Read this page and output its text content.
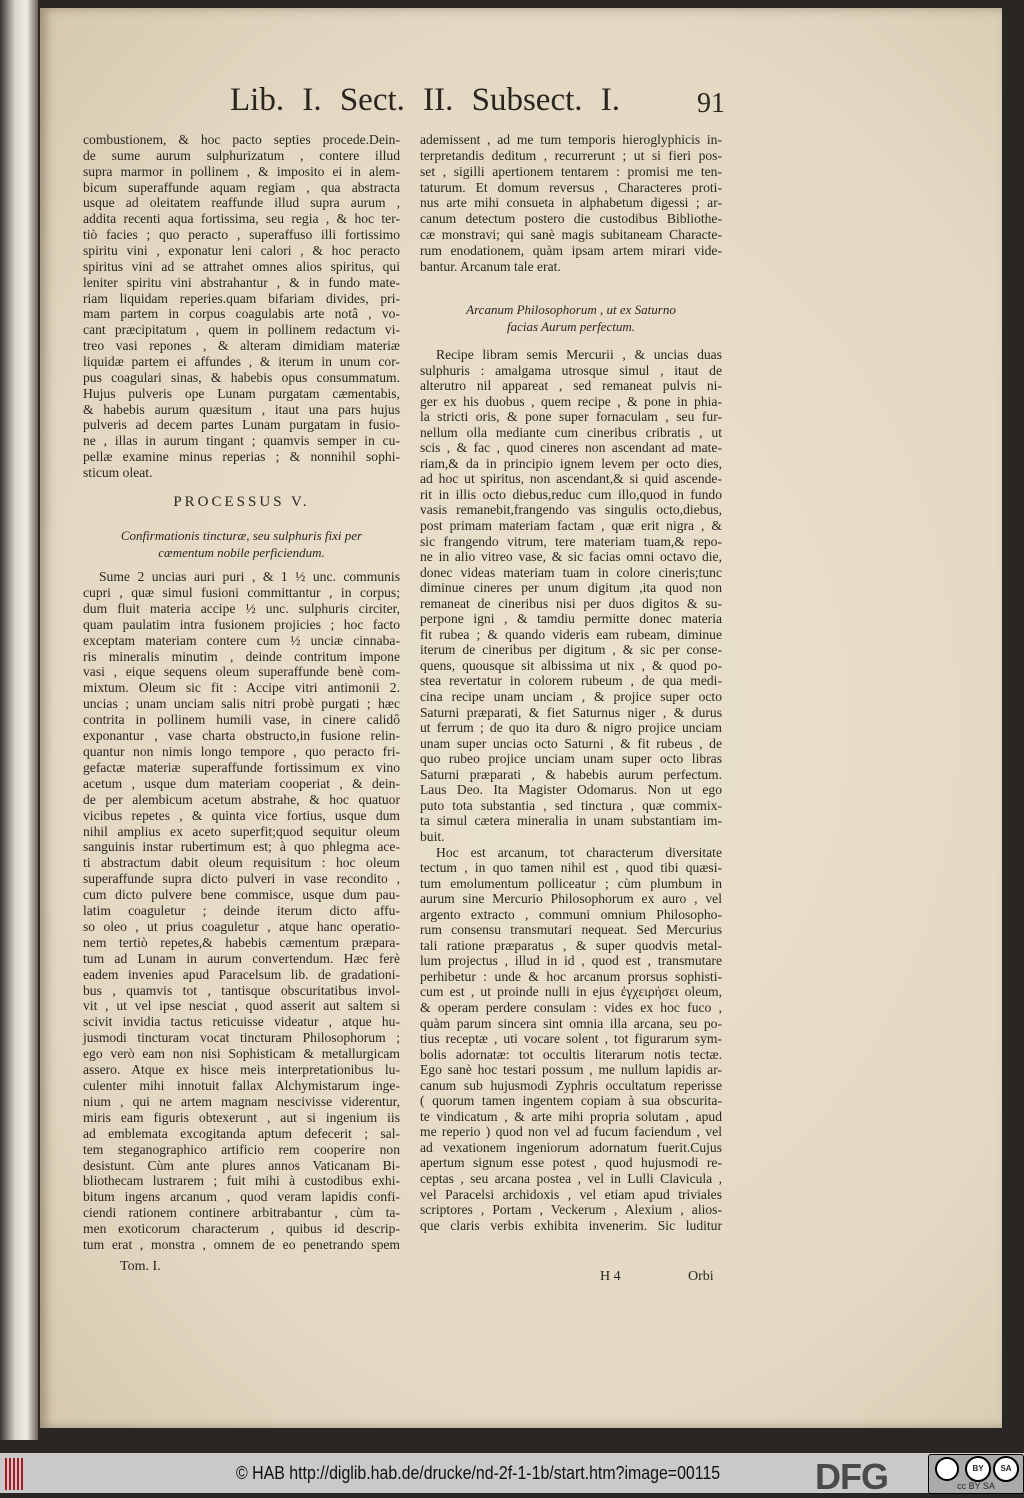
Lib. I. Sect. II. Subsect. I.	91
combustionem, & hoc pacto septies procede.Dein-
de sume aurum sulphurizatum , contere illud
supra marmor in pollinem , & imposito ei in alem-
bicum superaffunde aquam regiam , qua abstracta
usque ad oleitatem reaffunde illud supra aurum ,
addita recenti aqua fortissima, seu regia , & hoc ter-
tiò facies ; quo peracto , superaffuso illi fortissimo
spiritu vini , exponatur leni calori , & hoc peracto
spiritus vini ad se attrahet omnes alios spiritus, qui
leniter spiritu vini abstrahantur , & in fundo mate-
riam liquidam reperies.quam bifariam divides, pri-
mam partem in corpus coagulabis arte notâ , vo-
cant præcipitatum , quem in pollinem redactum vi-
treo vasi repones , & alteram dimidiam materiæ
liquidæ partem ei affundes , & iterum in unum cor-
pus coagulari sinas, & habebis opus consummatum.
Hujus pulveris ope Lunam purgatam cæmentabis,
& habebis aurum quæsitum , itaut una pars hujus
pulveris ad decem partes Lunam purgatam in fusio-
ne , illas in aurum tingant ; quamvis semper in cu-
pellæ examine minus reperias ; & nonnihil sophi-
sticum oleat.
PROCESSUS V.
Confirmationis tincturæ, seu sulphuris fixi per
cæmentum nobile perficiendum.
Sume 2 uncias auri puri , & 1 ½ unc. communis
cupri , quæ simul fusioni committantur , in corpus;
dum fluit materia accipe ½ unc. sulphuris circiter,
quam paulatim intra fusionem projicies ; hoc facto
exceptam materiam contere cum ½ unciæ cinnaba-
ris mineralis minutim , deinde contritum impone
vasi , eique sequens oleum superaffunde benè com-
mixtum. Oleum sic fit : Accipe vitri antimonii 2.
uncias ; unam unciam salis nitri probè purgati ; hæc
contrita in pollinem humili vase, in cinere calidô
exponantur , vase charta obstructo,in fusione relin-
quantur non nimis longo tempore , quo peracto fri-
gefactæ materiæ superaffunde fortissimum ex vino
acetum , usque dum materiam cooperiat , & dein-
de per alembicum acetum abstrahe, & hoc quatuor
vicibus repetes , & quinta vice fortius, usque dum
nihil amplius ex aceto superfit;quod sequitur oleum
sanguinis instar rubertimum est; à quo phlegma ace-
ti abstractum dabit oleum requisitum : hoc oleum
superaffunde supra dicto pulveri in vase recondito ,
cum dicto pulvere bene commisce, usque dum pau-
latim coaguletur ; deinde iterum dicto affu-
so oleo , ut prius coaguletur , atque hanc operatio-
nem tertiò repetes,& habebis cæmentum præpara-
tum ad Lunam in aurum convertendum. Hæc ferè
eadem invenies apud Paracelsum lib. de gradationi-
bus , quamvis tot , tantisque obscuritatibus invol-
vit , ut vel ipse nesciat , quod asserit aut saltem si
scivit invidia tactus reticuisse videatur , atque hu-
jusmodi tincturam vocat tincturam Philosophorum ;
ego verò eam non nisi Sophisticam & metallurgicam
assero. Atque ex hisce meis interpretationibus lu-
culenter mihi innotuit fallax Alchymistarum inge-
nium , qui ne artem magnam nescivisse viderentur,
miris eam figuris obtexerunt , aut si ingenium iis
ad emblemata excogitanda aptum defecerit ; sal-
tem steganographico artificio rem cooperire non
desistunt. Cùm ante plures annos Vaticanam Bi-
bliothecam lustrarem ; fuit mihi à custodibus exhi-
bitum ingens arcanum , quod veram lapidis confi-
ciendi rationem continere arbitrabantur , cùm ta-
men exoticorum characterum , quibus id descrip-
tum erat , monstra , omnem de eo penetrando spem
Tom. I.
ademissent , ad me tum temporis hieroglyphicis in-
terpretandis deditum , recurrerunt ; ut si fieri pos-
set , sigilli apertionem tentarem : promisi me ten-
taturum. Et domum reversus , Characteres proti-
nus arte mihi consueta in alphabetum digessi ; ar-
canum detectum postero die custodibus Bibliothe-
cæ monstravi; qui sanè magis subitaneam Characte-
rum enodationem, quàm ipsam artem mirari vide-
bantur. Arcanum tale erat.
Arcanum Philosophorum , ut ex Saturno
facias Aurum perfectum.
Recipe libram semis Mercurii , & uncias duas
sulphuris : amalgama utrosque simul , itaut de
alterutro nil appareat , sed remaneat pulvis ni-
ger ex his duobus , quem recipe , & pone in phia-
la stricti oris, & pone super fornaculam , seu fur-
nellum olla mediante cum cineribus cribratis , ut
scis , & fac , quod cineres non ascendant ad mate-
riam,& da in principio ignem levem per octo dies,
ad hoc ut spiritus, non ascendant,& si quid ascende-
rit in illis octo diebus,reduc cum illo,quod in fundo
vasis remanebit,frangendo vas singulis octo,diebus,
post primam materiam factam , quæ erit nigra , &
sic frangendo vitrum, tere materiam tuam,& repo-
ne in alio vitreo vase, & sic facias omni octavo die,
donec videas materiam tuam in colore cineris;tunc
diminue cineres per unum digitum ,ita quod non
remaneat de cineribus nisi per duos digitos & su-
perpone igni , & tamdiu permitte donec materia
fit rubea ; & quando videris eam rubeam, diminue
iterum de cineribus per digitum , & sic per conse-
quens, quousque sit albissima ut nix , & quod po-
stea revertatur in colorem rubeum , de qua medi-
cina recipe unam unciam , & projice super octo
Saturni præparati, & fiet Saturnus niger , & durus
ut ferrum ; de quo ita duro & nigro projice unciam
unam super uncias octo Saturni , & fit rubeus , de
quo rubeo projice unciam unam super octo libras
Saturni præparati , & habebis aurum perfectum.
Laus Deo. Ita Magister Odomarus. Non ut ego
puto tota substantia , sed tinctura , quæ commix-
ta simul cætera mineralia in unam substantiam im-
buit.
Hoc est arcanum, tot characterum diversitate
tectum , in quo tamen nihil est , quod tibi quæsi-
tum emolumentum polliceatur ; cùm plumbum in
aurum sine Mercurio Philosophorum ex auro , vel
argento extracto , communi omnium Philosopho-
rum consensu transmutari nequeat. Sed Mercurius
tali ratione præparatus , & super quodvis metal-
lum projectus , illud in id , quod est , transmutare
perhibetur : unde & hoc arcanum prorsus sophisti-
cum est , ut proinde nulli in ejus ἐγχειρήσει oleum,
& operam perdere consulam : vides ex hoc fuco ,
quàm parum sincera sint omnia illa arcana, seu po-
tius receptæ , uti vocare solent , tot figurarum sym-
bolis adornatæ: tot occultis literarum notis tectæ.
Ego sanè hoc testari possum , me nullum lapidis ar-
canum sub hujusmodi Zyphris occultatum reperisse
( quorum tamen ingentem copiam à sua obscurita-
te vindicatum , & arte mihi propria solutam , apud
me reperio ) quod non vel ad fucum faciendum , vel
ad vexationem ingeniorum adornatum fuerit.Cujus
apertum signum esse potest , quod hujusmodi re-
ceptas , seu arcana postea , vel in Lulli Clavicula ,
vel Paracelsi archidoxis , vel etiam apud triviales
scriptores , Portam , Veckerum , Alexium , alios-
que claris verbis exhibita invenerim. Sic luditur
H 4	Orbi
© HAB http://diglib.hab.de/drucke/nd-2f-1-1b/start.htm?image=00115	DFG	BY	SA
cc BY SA
